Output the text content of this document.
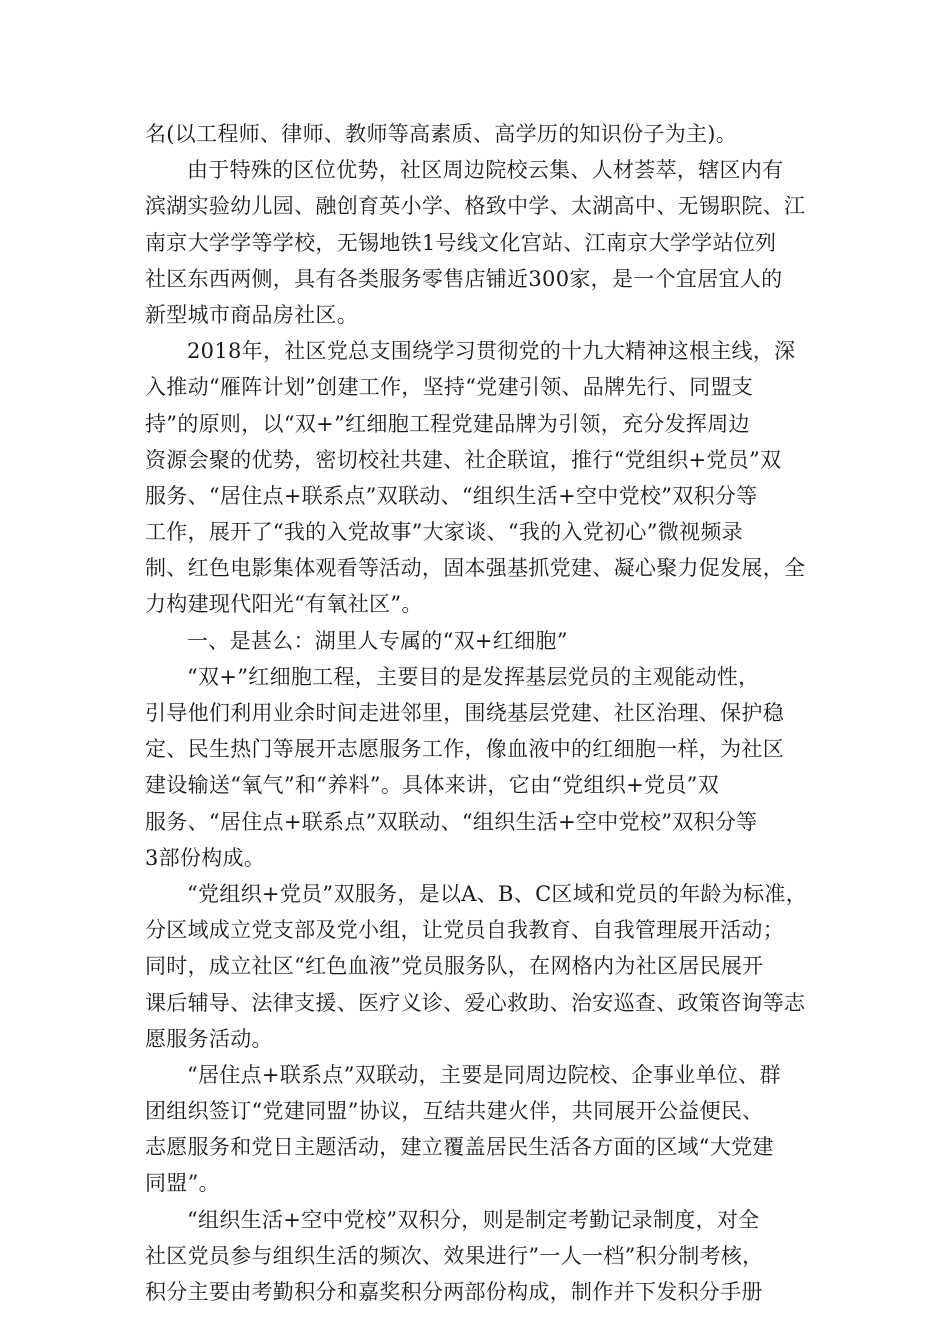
名(以工程师、律师、教师等高素质、高学历的知识份子为主)。
由于特殊的区位优势，社区周边院校云集、人材荟萃，辖区内有
滨湖实验幼儿园、融创育英小学、格致中学、太湖高中、无锡职院、江
南京大学学等学校，无锡地铁1号线文化宫站、江南京大学学站位列
社区东西两侧，具有各类服务零售店铺近300家，是一个宜居宜人的
新型城市商品房社区。
2018年，社区党总支围绕学习贯彻党的十九大精神这根主线，深
入推动“雁阵计划”创建工作，坚持“党建引领、品牌先行、同盟支
持”的原则，以“双+”红细胞工程党建品牌为引领，充分发挥周边
资源会聚的优势，密切校社共建、社企联谊，推行“党组织+党员”双
服务、“居住点+联系点”双联动、“组织生活+空中党校”双积分等
工作，展开了“我的入党故事”大家谈、“我的入党初心”微视频录
制、红色电影集体观看等活动，固本强基抓党建、凝心聚力促发展，全
力构建现代阳光“有氧社区”。
一、是甚么：湖里人专属的“双+红细胞”
“双+”红细胞工程，主要目的是发挥基层党员的主观能动性，
引导他们利用业余时间走进邻里，围绕基层党建、社区治理、保护稳
定、民生热门等展开志愿服务工作，像血液中的红细胞一样，为社区
建设输送“氧气”和“养料”。具体来讲，它由“党组织+党员”双
服务、“居住点+联系点”双联动、“组织生活+空中党校”双积分等
3部份构成。
“党组织+党员”双服务，是以A、B、C区域和党员的年龄为标准，
分区域成立党支部及党小组，让党员自我教育、自我管理展开活动；
同时，成立社区“红色血液”党员服务队，在网格内为社区居民展开
课后辅导、法律支援、医疗义诊、爱心救助、治安巡查、政策咨询等志
愿服务活动。
“居住点+联系点”双联动，主要是同周边院校、企事业单位、群
团组织签订“党建同盟”协议，互结共建火伴，共同展开公益便民、
志愿服务和党日主题活动，建立覆盖居民生活各方面的区域“大党建
同盟”。
“组织生活+空中党校”双积分，则是制定考勤记录制度，对全
社区党员参与组织生活的频次、效果进行”一人一档”积分制考核，
积分主要由考勤积分和嘉奖积分两部份构成，制作并下发积分手册
